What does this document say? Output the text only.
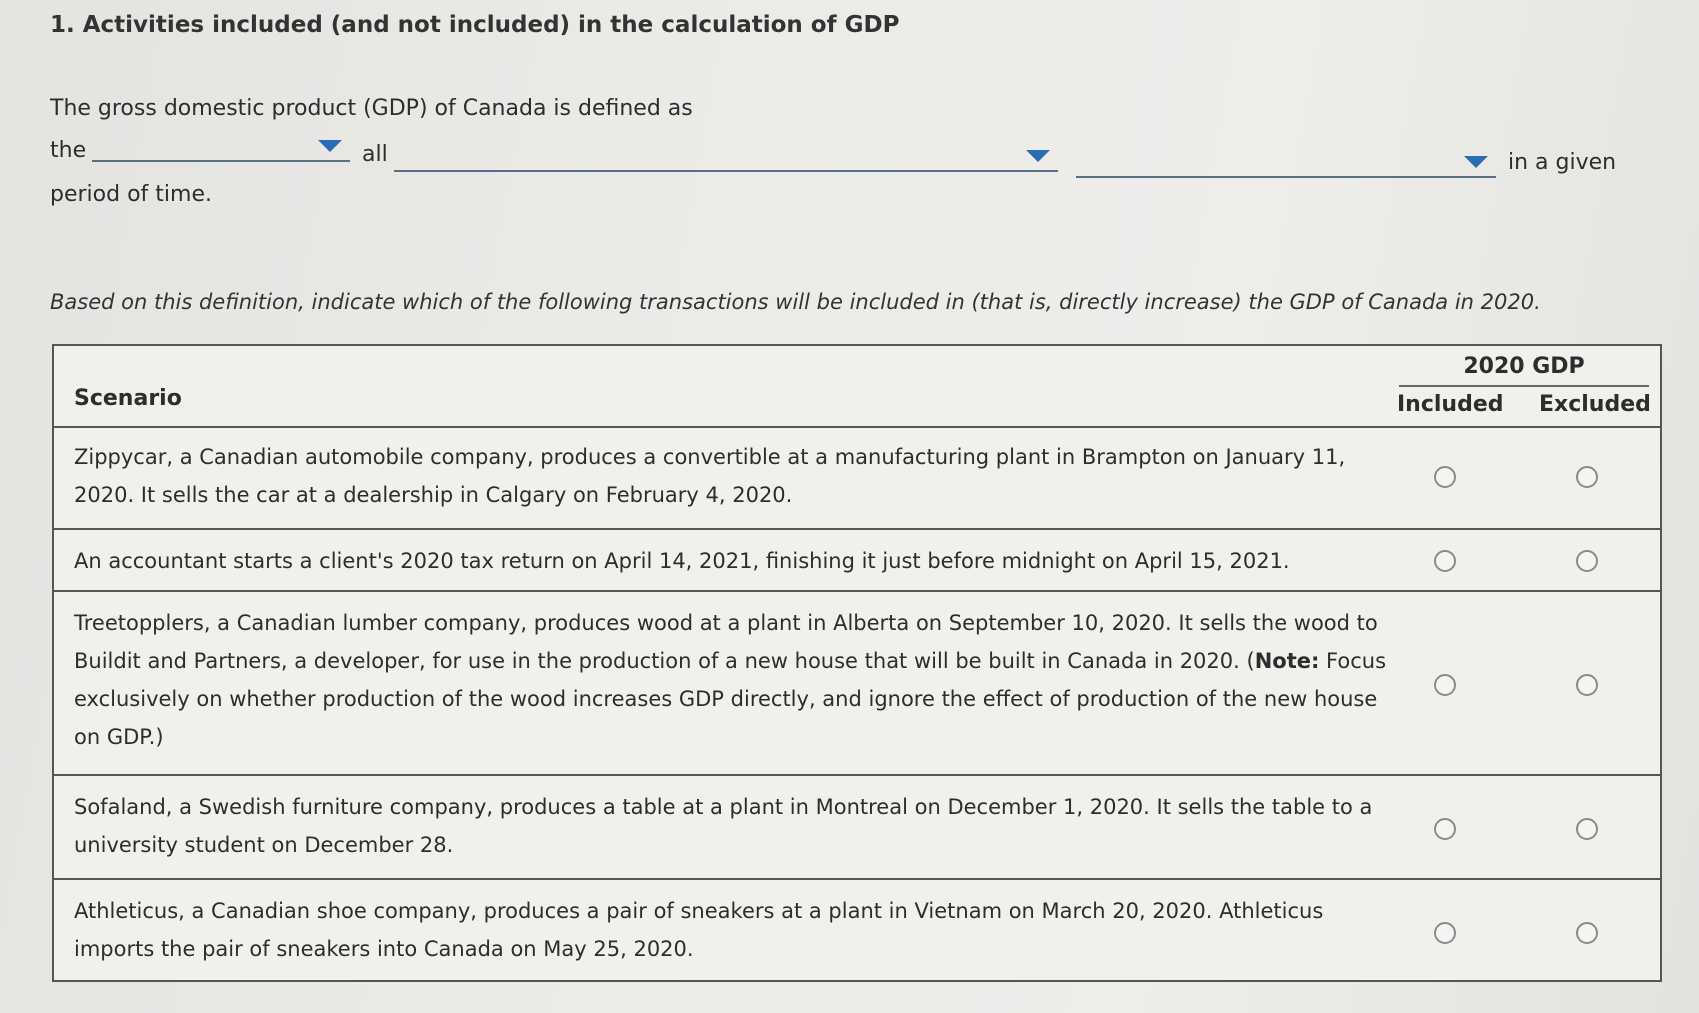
1. Activities included (and not included) in the calculation of GDP
The gross domestic product (GDP) of Canada is defined as
the	all	in a given
period of time.
Based on this definition, indicate which of the following transactions will be included in (that is, directly increase) the GDP of Canada in 2020.
Scenario
2020 GDP
Included Excluded
Zippycar, a Canadian automobile company, produces a convertible at a manufacturing plant in Brampton on January 11, 2020. It sells the car at a dealership in Calgary on February 4, 2020.
An accountant starts a client's 2020 tax return on April 14, 2021, finishing it just before midnight on April 15, 2021.
Treetopplers, a Canadian lumber company, produces wood at a plant in Alberta on September 10, 2020. It sells the wood to Buildit and Partners, a developer, for use in the production of a new house that will be built in Canada in 2020. (Note: Focus exclusively on whether production of the wood increases GDP directly, and ignore the effect of production of the new house on GDP.)
Sofaland, a Swedish furniture company, produces a table at a plant in Montreal on December 1, 2020. It sells the table to a university student on December 28.
Athleticus, a Canadian shoe company, produces a pair of sneakers at a plant in Vietnam on March 20, 2020. Athleticus imports the pair of sneakers into Canada on May 25, 2020.
